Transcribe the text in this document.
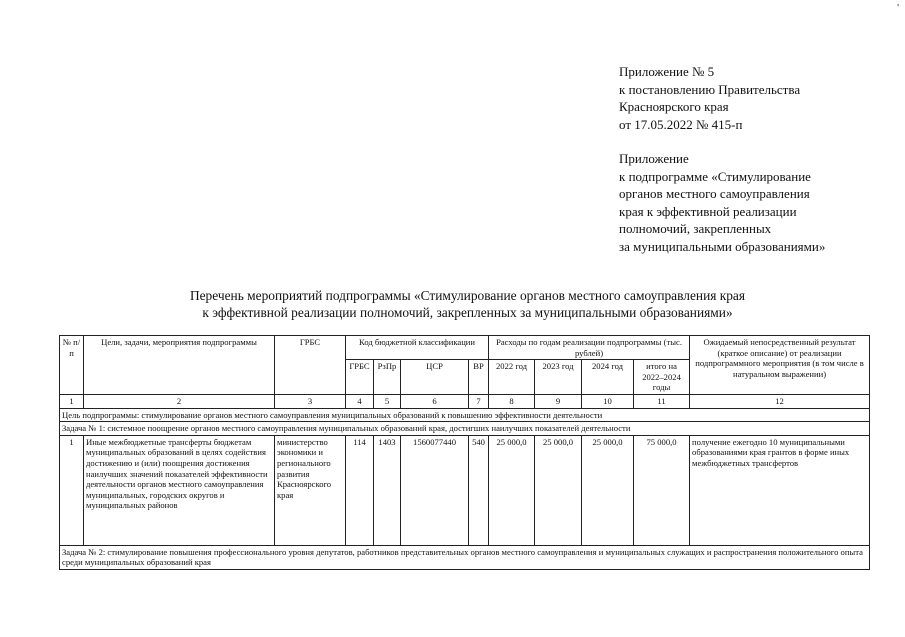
'
Приложение № 5
к постановлению Правительства
Красноярского края
от 17.05.2022 № 415-п
Приложение
к подпрограмме «Стимулирование
органов местного самоуправления
края к эффективной реализации
полномочий, закрепленных
за муниципальными образованиями»
Перечень мероприятий подпрограммы «Стимулирование органов местного самоуправления края
к эффективной реализации полномочий, закрепленных за муниципальными образованиями»
№ п/п	Цели, задачи, мероприятия подпрограммы	ГРБС	Код бюджетной классификации				Расходы по годам реализации подпрограммы (тыс. рублей)				Ожидаемый непосредственный результат (краткое описание) от реализации подпрограммного мероприятия (в том числе в натуральном выражении)
			ГРБС	РзПр	ЦСР	ВР	2022 год	2023 год	2024 год	итого на 2022–2024 годы	
1	2	3	4	5	6	7	8	9	10	11	12
Цель подпрограммы: стимулирование органов местного самоуправления муниципальных образований к повышению эффективности деятельности											
Задача № 1: системное поощрение органов местного самоуправления муниципальных образований края, достигших наилучших показателей деятельности											
1	Иные межбюджетные трансферты бюджетам муниципальных образований в целях содействия достижению и (или) поощрения достижения наилучших значений показателей эффективности деятельности органов местного самоуправления муниципальных, городских округов и муниципальных районов	министерство экономики и регионального развития Красноярского края	114	1403	1560077440	540	25 000,0	25 000,0	25 000,0	75 000,0	получение ежегодно 10 муниципальными образованиями края грантов в форме иных межбюджетных трансфертов
Задача № 2: стимулирование повышения профессионального уровня депутатов, работников представительных органов местного самоуправления и муниципальных служащих и распространения положительного опыта среди муниципальных образований края											
